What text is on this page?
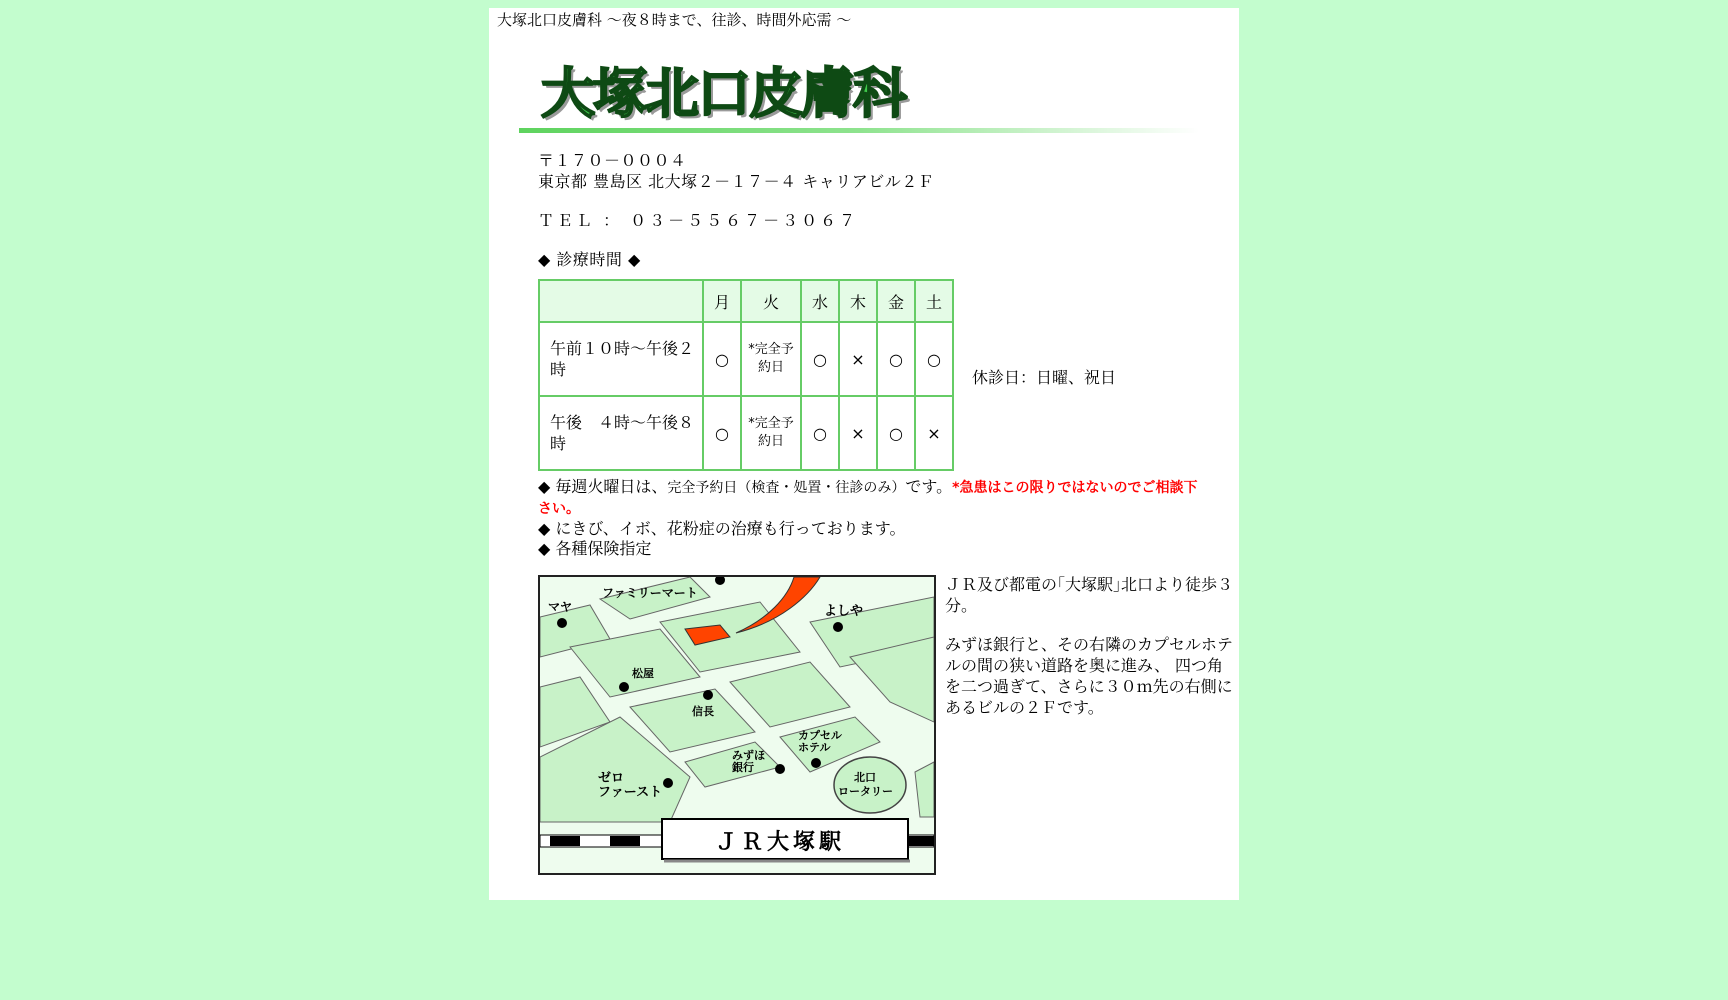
大塚北口皮膚科 ～夜８時まで、往診、時間外応需 ～
大塚北口皮膚科
〒１７０－０００４
東京都 豊島区 北大塚２－１７－４ キャリアビル２Ｆ
ＴＥＬ ： ０３－５５６７－３０６７
◆ 診療時間 ◆
	月	火	水	木	金	土
午前１０時～午後２時	○	*完全予約日	○	×	○	○
午後　４時～午後８時	○	*完全予約日	○	×	○	×
休診日：日曜、祝日
◆ 毎週火曜日は、完全予約日（検査・処置・往診のみ）です。*急患はこの限りではないのでご相談下さい。
◆ にきび、イボ、花粉症の治療も行っております。
◆ 各種保険指定
ファミリーマート
マヤ	よしや
松屋
信長
カプセル
ホテル
みずほ
銀行
ゼロ
ファースト
北口
ロータリー
ＪＲ大塚駅

ＪＲ及び都電の｢大塚駅｣北口より徒歩３分。

みずほ銀行と、その右隣のカプセルホテルの間の狭い道路を奥に進み、 四つ角を二つ過ぎて、さらに３０ｍ先の右側にあるビルの２Ｆです。
